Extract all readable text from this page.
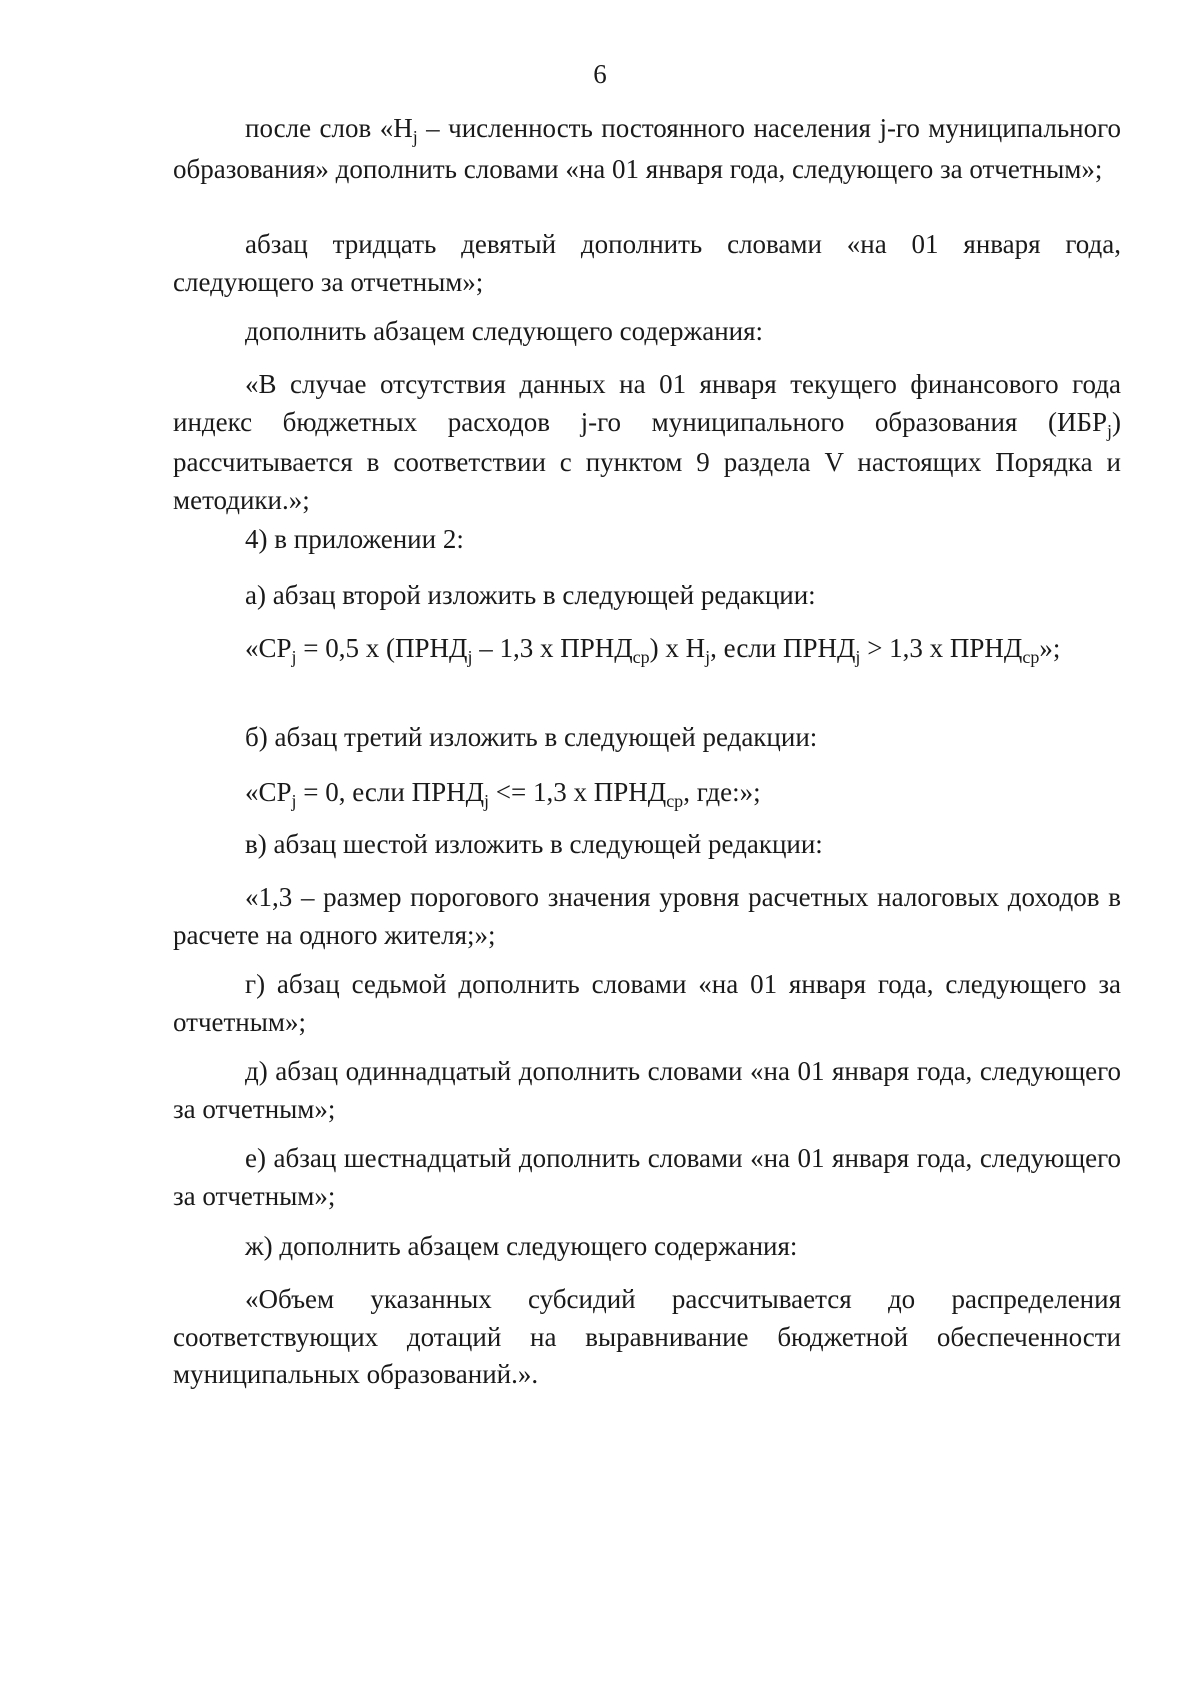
6

после слов «$Н_j$ – численность постоянного населения j-го муниципального образования» дополнить словами «на 01 января года, следующего за отчетным»;

абзац тридцать девятый дополнить словами «на 01 января года, следующего за отчетным»;

дополнить абзацем следующего содержания:

«В случае отсутствия данных на 01 января текущего финансового года индекс бюджетных расходов j-го муниципального образования $(ИБР_j)$ рассчитывается в соответствии с пунктом 9 раздела V настоящих Порядка и методики.»;

4) в приложении 2:

а) абзац второй изложить в следующей редакции:

«$СР_j = 0,5$ х ($ПРНД_j - 1,3$ х $ПРНД_{ср}$) х $Н_j$, если $ПРНД_j > 1,3$ х $ПРНД_{ср}$»;

б) абзац третий изложить в следующей редакции:

«$СР_j = 0$, если $ПРНД_j <= 1,3$ х $ПРНД_{ср}$, где:»;

в) абзац шестой изложить в следующей редакции:

«1,3 – размер порогового значения уровня расчетных налоговых доходов в расчете на одного жителя;»;

г) абзац седьмой дополнить словами «на 01 января года, следующего за отчетным»;

д) абзац одиннадцатый дополнить словами «на 01 января года, следующего за отчетным»;

е) абзац шестнадцатый дополнить словами «на 01 января года, следующего за отчетным»;

ж) дополнить абзацем следующего содержания:

«Объем указанных субсидий рассчитывается до распределения соответствующих дотаций на выравнивание бюджетной обеспеченности муниципальных образований.».
